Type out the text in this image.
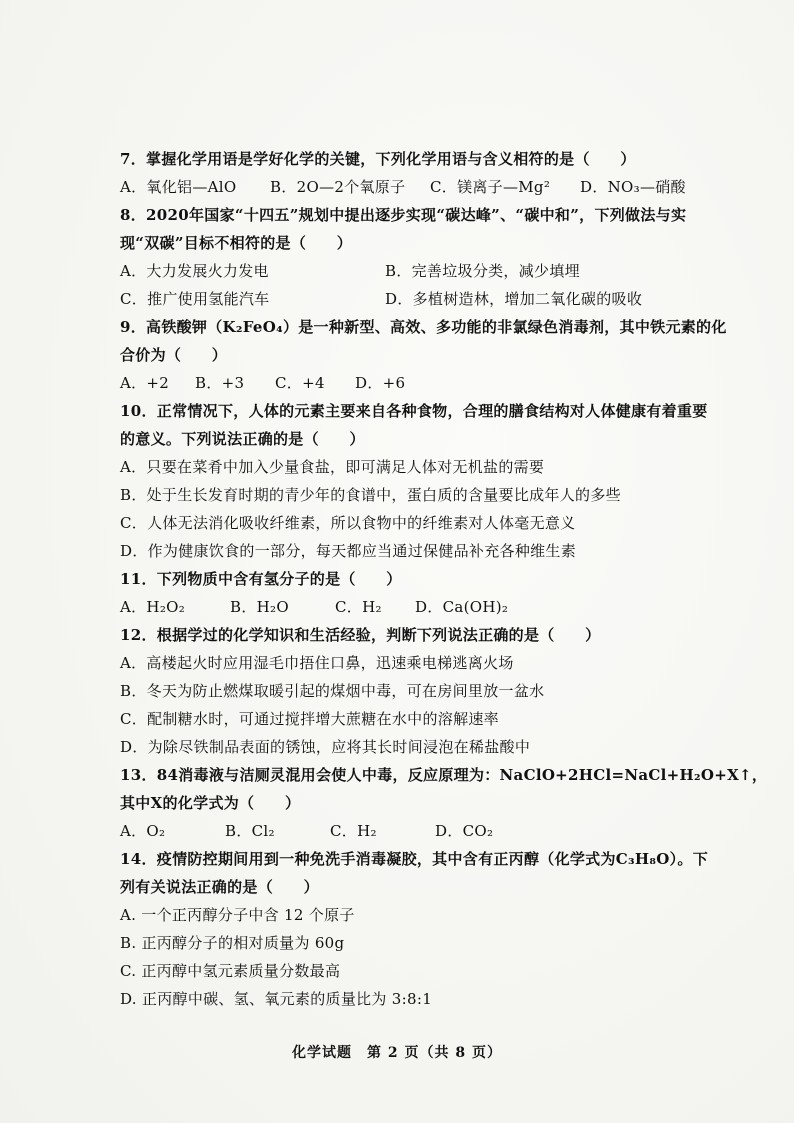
7．掌握化学用语是学好化学的关键，下列化学用语与含义相符的是（　　）
A．氧化铝—AlO	B．2O—2个氧原子	C．镁离子—Mg²	D．NO₃—硝酸
8．2020年国家“十四五”规划中提出逐步实现“碳达峰”、“碳中和”，下列做法与实
现“双碳”目标不相符的是（　　）
A．大力发展火力发电	B．完善垃圾分类，减少填埋
C．推广使用氢能汽车	D．多植树造林，增加二氧化碳的吸收
9．高铁酸钾（K₂FeO₄）是一种新型、高效、多功能的非氯绿色消毒剂，其中铁元素的化
合价为（　　）
A．+2	B．+3	C．+4	D．+6
10．正常情况下，人体的元素主要来自各种食物，合理的膳食结构对人体健康有着重要
的意义。下列说法正确的是（　　）
A．只要在菜肴中加入少量食盐，即可满足人体对无机盐的需要
B．处于生长发育时期的青少年的食谱中，蛋白质的含量要比成年人的多些
C．人体无法消化吸收纤维素，所以食物中的纤维素对人体毫无意义
D．作为健康饮食的一部分，每天都应当通过保健品补充各种维生素
11．下列物质中含有氢分子的是（　　）
A．H₂O₂	B．H₂O	C．H₂	D．Ca(OH)₂
12．根据学过的化学知识和生活经验，判断下列说法正确的是（　　）
A．高楼起火时应用湿毛巾捂住口鼻，迅速乘电梯逃离火场
B．冬天为防止燃煤取暖引起的煤烟中毒，可在房间里放一盆水
C．配制糖水时，可通过搅拌增大蔗糖在水中的溶解速率
D．为除尽铁制品表面的锈蚀，应将其长时间浸泡在稀盐酸中
13．84消毒液与洁厕灵混用会使人中毒，反应原理为：NaClO+2HCl=NaCl+H₂O+X↑，
其中X的化学式为（　　）
A．O₂	B．Cl₂	C．H₂	D．CO₂
14．疫情防控期间用到一种免洗手消毒凝胶，其中含有正丙醇（化学式为C₃H₈O）。下
列有关说法正确的是（　　）
A. 一个正丙醇分子中含 12 个原子
B. 正丙醇分子的相对质量为 60g
C. 正丙醇中氢元素质量分数最高
D. 正丙醇中碳、氢、氧元素的质量比为 3:8:1
化学试题　第 2 页（共 8 页）
